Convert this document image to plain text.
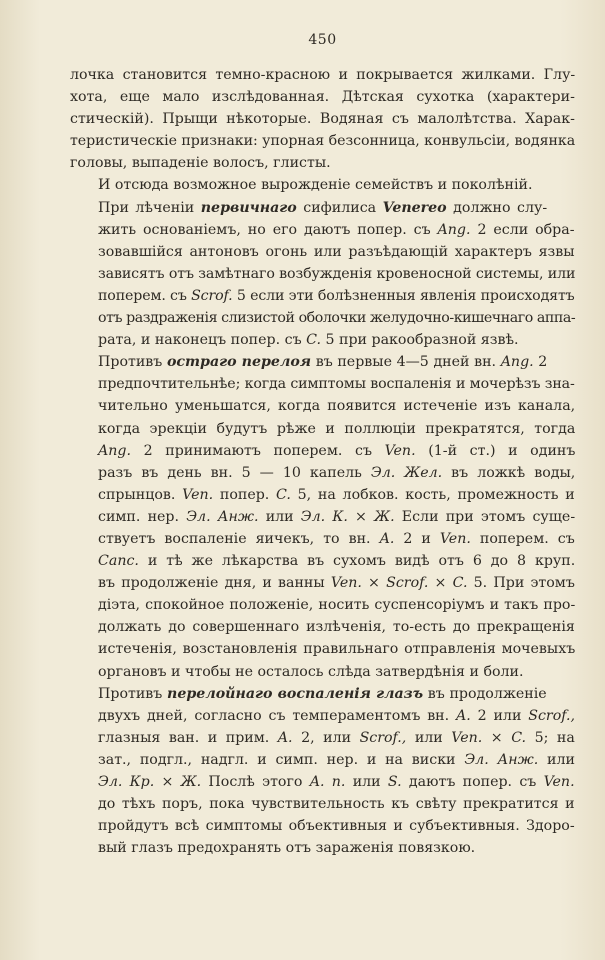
450

лочка становится темно-красною и покрывается жилками. Глу-
хота, еще мало изслѣдованная. Дѣтская сухотка (характери-
стическій). Прыщи нѣкоторые. Водяная съ малолѣтства. Харак-
теристическіе признаки: упорная безсонница, конвульсіи, водянка
головы, выпаденіе волосъ, глисты.

И отсюда возможное вырожденіе семействъ и поколѣній.

При лѣченіи первичнаго сифилиса Venereo должно слу-
жить основаніемъ, но его даютъ попер. съ Ang. 2 если обра-
зовавшійся антоновъ огонь или разъѣдающій характеръ язвы
зависятъ отъ замѣтнаго возбужденія кровеносной системы, или
поперем. съ Scrof. 5 если эти болѣзненныя явленія происходятъ
отъ раздраженія слизистой оболочки желудочно-кишечнаго аппа-
рата, и наконецъ попер. съ C. 5 при ракообразной язвѣ.

Противъ остраго перелоя въ первые 4—5 дней вн. Ang. 2
предпочтительнѣе; когда симптомы воспаленія и мочерѣзъ зна-
чительно уменьшатся, когда появится истеченіе изъ канала,
когда эрекціи будутъ рѣже и поллюціи прекратятся, тогда
Ang. 2 принимаютъ поперем. съ Ven. (1-й ст.) и одинъ
разъ въ день вн. 5 — 10 капель Эл. Жел. въ ложкѣ воды,
спрынцов. Ven. попер. C. 5, на лобков. кость, промежность и
симп. нер. Эл. Анж. или Эл. К. × Ж. Если при этомъ суще-
ствуетъ воспаленіе яичекъ, то вн. A. 2 и Ven. поперем. съ
Canc. и тѣ же лѣкарства въ сухомъ видѣ отъ 6 до 8 круп.
въ продолженіе дня, и ванны Ven. × Scrof. × C. 5. При этомъ
діэта, спокойное положеніе, носить суспенсоріумъ и такъ про-
должать до совершеннаго излѣченія, то-есть до прекращенія
истеченія, возстановленія правильнаго отправленія мочевыхъ
органовъ и чтобы не осталось слѣда затвердѣнія и боли.

Противъ перелойнаго воспаленія глазъ въ продолженіе
двухъ дней, согласно съ темпераментомъ вн. A. 2 или Scrof.,
глазныя ван. и прим. A. 2, или Scrof., или Ven. × C. 5; на
зат., подгл., надгл. и симп. нер. и на виски Эл. Анж. или
Эл. Кр. × Ж. Послѣ этого A. n. или S. даютъ попер. съ Ven.
до тѣхъ поръ, пока чувствительность къ свѣту прекратится и
пройдутъ всѣ симптомы объективныя и субъективныя. Здоро-
вый глазъ предохранять отъ зараженія повязкою.
